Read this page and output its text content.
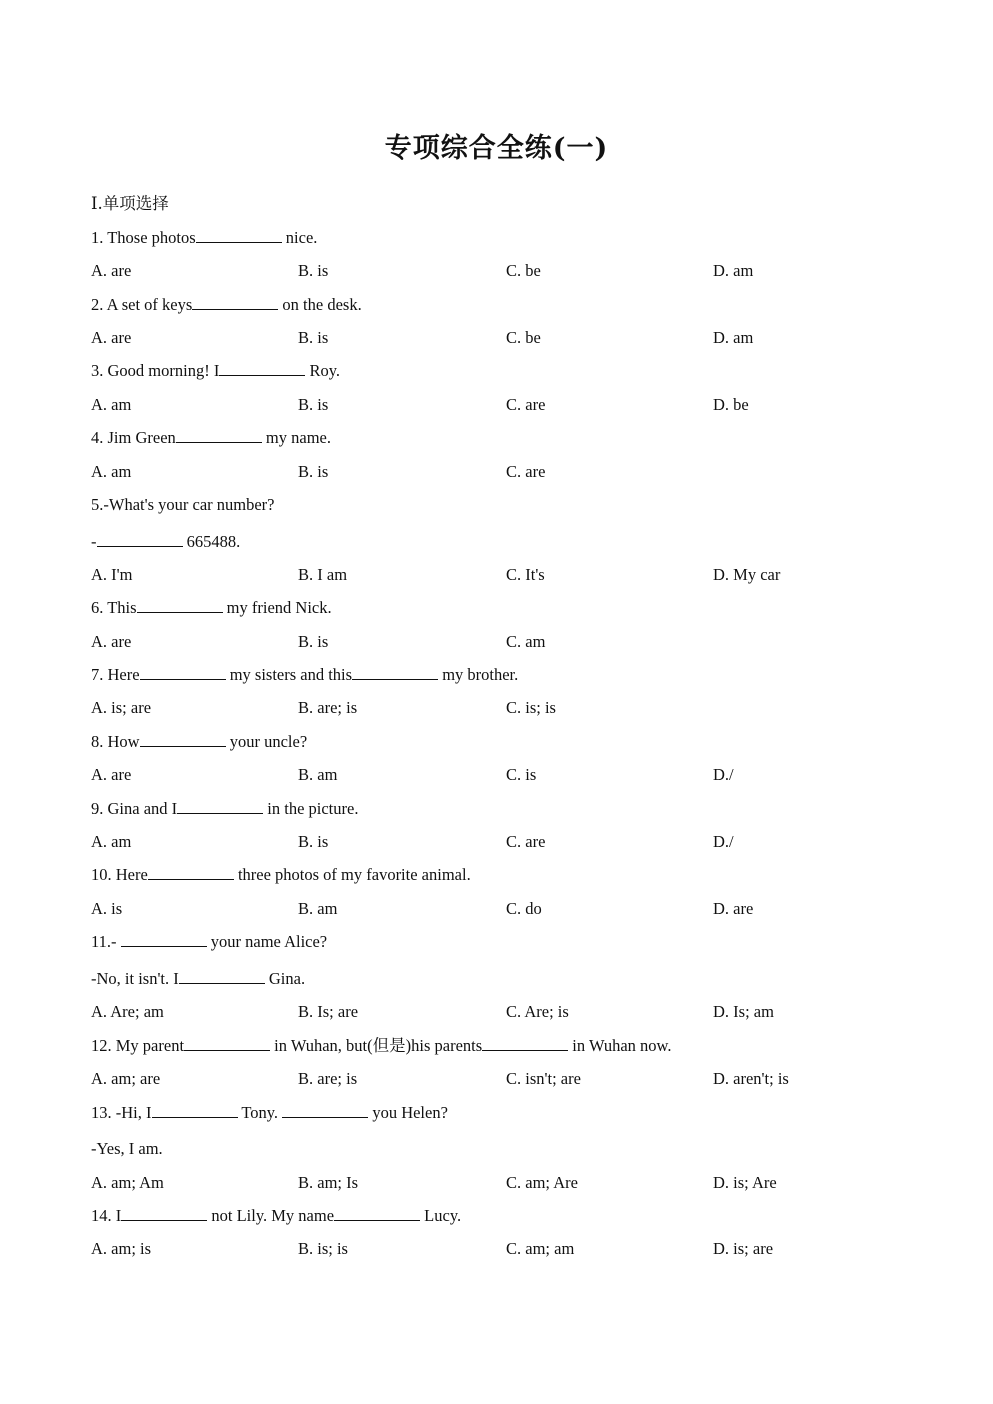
专项综合全练(一)
I.单项选择
1. Those photos	nice.
A. are	B. is	C. be	D. am
2. A set of keys	on the desk.
A. are	B. is	C. be	D. am
3. Good morning! I	Roy.
A. am	B. is	C. are	D. be
4. Jim Green	my name.
A. am	B. is	C. are
5.-What's your car number?
-	665488.
A. I'm	B. I am	C. It's	D. My car
6. This	my friend Nick.
A. are	B. is	C. am
7. Here	my sisters and this	my brother.
A. is; are	B. are; is	C. is; is
8. How	your uncle?
A. are	B. am	C. is	D./
9. Gina and I	in the picture.
A. am	B. is	C. are	D./
10. Here	three photos of my favorite animal.
A. is	B. am	C. do	D. are
11.-	your name Alice?
-No, it isn't. I	Gina.
A. Are; am	B. Is; are	C. Are; is	D. Is; am
12. My parent	in Wuhan, but(但是)his parents	in Wuhan now.
A. am; are	B. are; is	C. isn't; are	D. aren't; is
13. -Hi, I	Tony.	you Helen?
-Yes, I am.
A. am; Am	B. am; Is	C. am; Are	D. is; Are
14. I	not Lily. My name	Lucy.
A. am; is	B. is; is	C. am; am	D. is; are
